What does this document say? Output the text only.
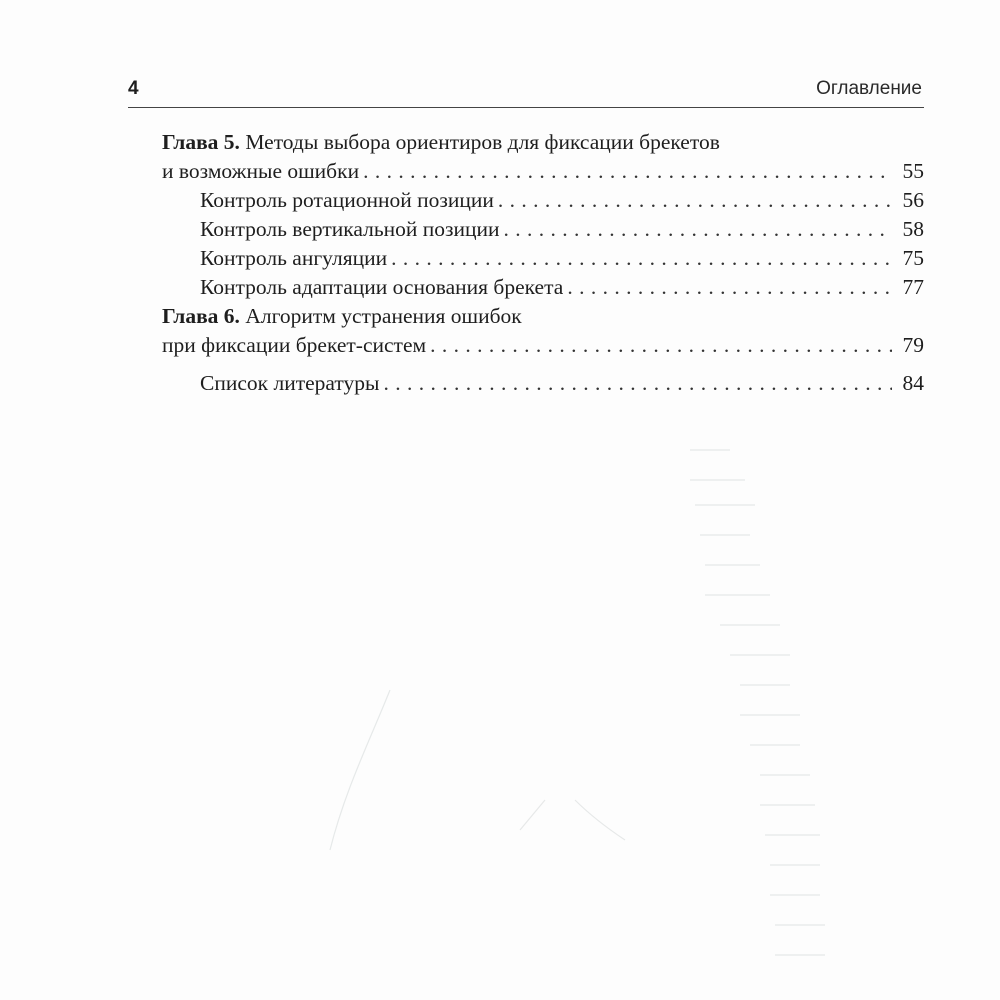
4	Оглавление
Глава 5.
Методы выбора ориентиров для фиксации брекетов
и возможные ошибки . . .	55
Контроль ротационной позиции . . .	56
Контроль вертикальной позиции . . .	58
Контроль ангуляции . . .	75
Контроль адаптации основания брекета . . .	77
Глава 6.
Алгоритм устранения ошибок
при фиксации брекет-систем . . .	79
Список литературы . . .	84
